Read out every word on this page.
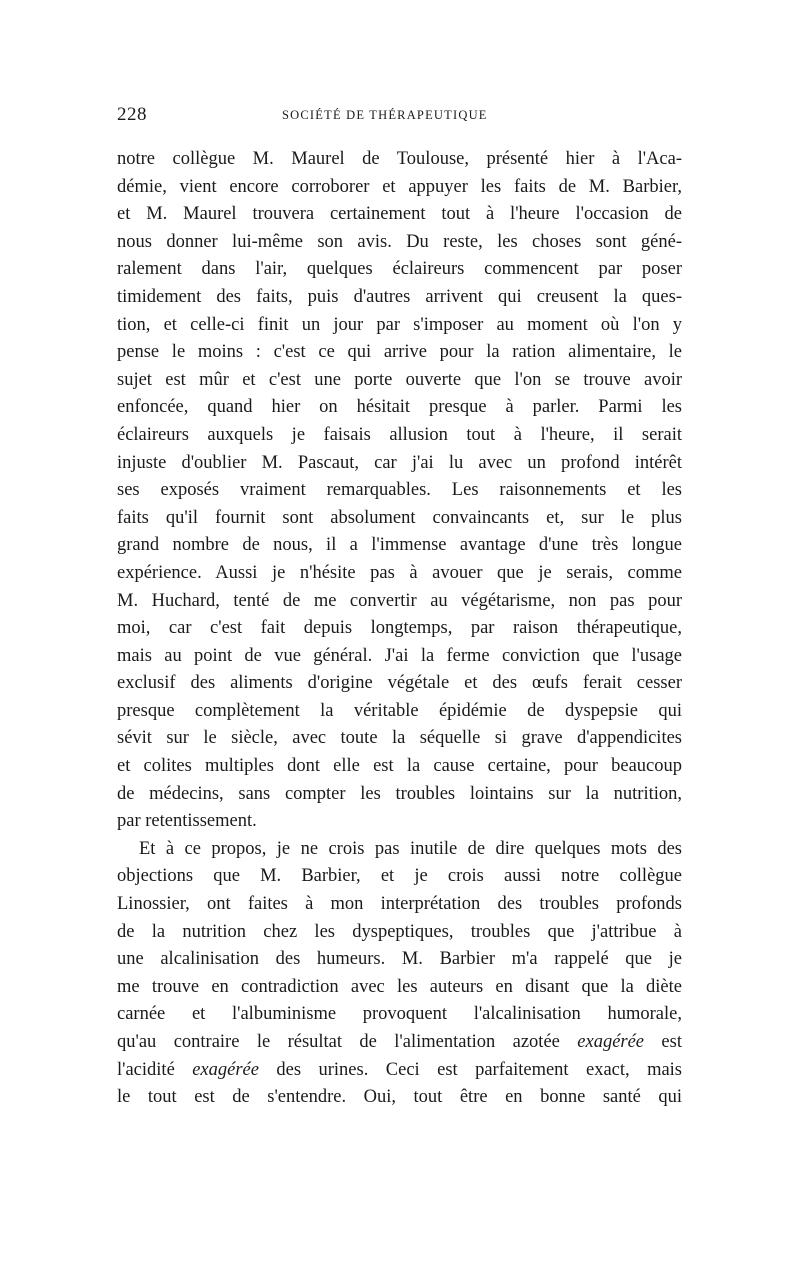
228	SOCIÉTÉ DE THÉRAPEUTIQUE
notre collègue M. Maurel de Toulouse, présenté hier à l'Aca-
démie, vient encore corroborer et appuyer les faits de M. Barbier,
et M. Maurel trouvera certainement tout à l'heure l'occasion de
nous donner lui-même son avis. Du reste, les choses sont géné-
ralement dans l'air, quelques éclaireurs commencent par poser
timidement des faits, puis d'autres arrivent qui creusent la ques-
tion, et celle-ci finit un jour par s'imposer au moment où l'on y
pense le moins : c'est ce qui arrive pour la ration alimentaire, le
sujet est mûr et c'est une porte ouverte que l'on se trouve avoir
enfoncée, quand hier on hésitait presque à parler. Parmi les
éclaireurs auxquels je faisais allusion tout à l'heure, il serait
injuste d'oublier M. Pascaut, car j'ai lu avec un profond intérêt
ses exposés vraiment remarquables. Les raisonnements et les
faits qu'il fournit sont absolument convaincants et, sur le plus
grand nombre de nous, il a l'immense avantage d'une très longue
expérience. Aussi je n'hésite pas à avouer que je serais, comme
M. Huchard, tenté de me convertir au végétarisme, non pas pour
moi, car c'est fait depuis longtemps, par raison thérapeutique,
mais au point de vue général. J'ai la ferme conviction que l'usage
exclusif des aliments d'origine végétale et des œufs ferait cesser
presque complètement la véritable épidémie de dyspepsie qui
sévit sur le siècle, avec toute la séquelle si grave d'appendicites
et colites multiples dont elle est la cause certaine, pour beaucoup
de médecins, sans compter les troubles lointains sur la nutrition,
par retentissement.
Et à ce propos, je ne crois pas inutile de dire quelques mots des
objections que M. Barbier, et je crois aussi notre collègue
Linossier, ont faites à mon interprétation des troubles profonds
de la nutrition chez les dyspeptiques, troubles que j'attribue à
une alcalinisation des humeurs. M. Barbier m'a rappelé que je
me trouve en contradiction avec les auteurs en disant que la diète
carnée et l'albuminisme provoquent l'alcalinisation humorale,
qu'au contraire le résultat de l'alimentation azotée exagérée est
l'acidité exagérée des urines. Ceci est parfaitement exact, mais
le tout est de s'entendre. Oui, tout être en bonne santé qui
